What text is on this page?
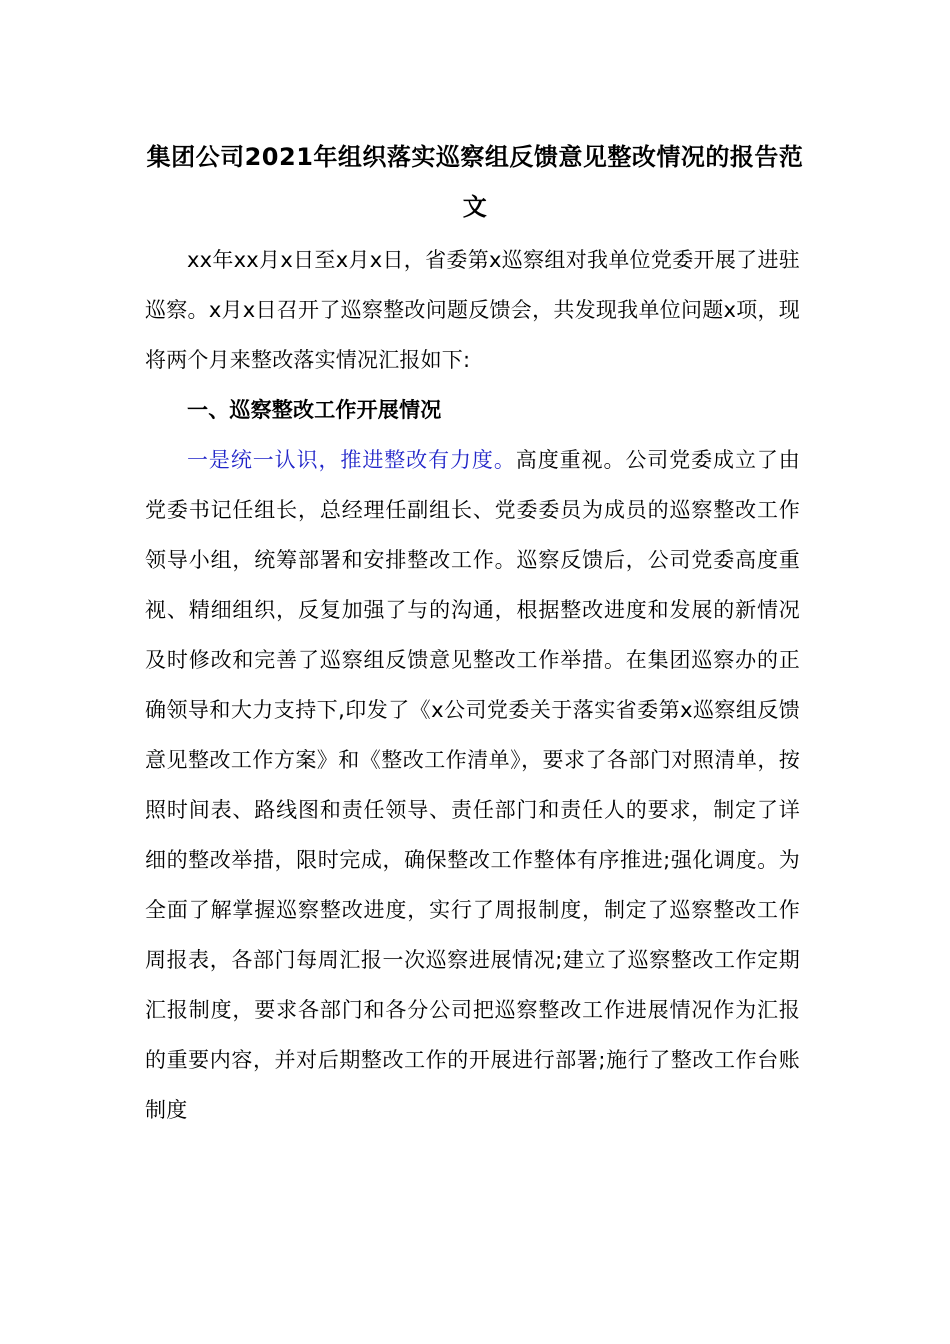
集团公司2021年组织落实巡察组反馈意见整改情况的报告范文

xx年xx月x日至x月x日，省委第x巡察组对我单位党委开展了进驻巡察。x月x日召开了巡察整改问题反馈会，共发现我单位问题x项，现将两个月来整改落实情况汇报如下:

一、巡察整改工作开展情况

一是统一认识，推进整改有力度。高度重视。公司党委成立了由党委书记任组长，总经理任副组长、党委委员为成员的巡察整改工作领导小组，统筹部署和安排整改工作。巡察反馈后，公司党委高度重视、精细组织，反复加强了与的沟通，根据整改进度和发展的新情况及时修改和完善了巡察组反馈意见整改工作举措。在集团巡察办的正确领导和大力支持下,印发了《x公司党委关于落实省委第x巡察组反馈意见整改工作方案》和《整改工作清单》，要求了各部门对照清单，按照时间表、路线图和责任领导、责任部门和责任人的要求，制定了详细的整改举措，限时完成，确保整改工作整体有序推进;强化调度。为全面了解掌握巡察整改进度，实行了周报制度，制定了巡察整改工作周报表，各部门每周汇报一次巡察进展情况;建立了巡察整改工作定期汇报制度，要求各部门和各分公司把巡察整改工作进展情况作为汇报的重要内容，并对后期整改工作的开展进行部署;施行了整改工作台账制度
